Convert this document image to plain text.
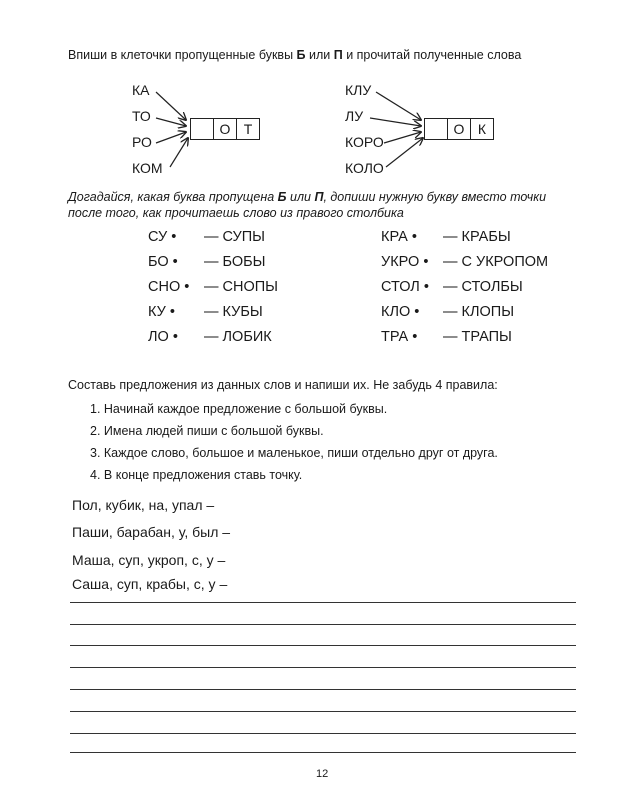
Впиши в клеточки пропущенные буквы Б или П и прочитай полученные слова
КА
ТО
РО
КОМ
О Т
КЛУ
ЛУ
КОРО
КОЛО
О К
Догадайся, какая буква пропущена Б или П, допиши нужную букву вместо точки
после того, как прочитаешь слово из правого столбика
СУ • — СУПЫ
БО • — БОБЫ
СНО • — СНОПЫ
КУ • — КУБЫ
ЛО • — ЛОБИК
КРА • — КРАБЫ
УКРО • — С УКРОПОМ
СТОЛ • — СТОЛБЫ
КЛО • — КЛОПЫ
ТРА • — ТРАПЫ
Составь предложения из данных слов и напиши их. Не забудь 4 правила:
1. Начинай каждое предложение с большой буквы.
2. Имена людей пиши с большой буквы.
3. Каждое слово, большое и маленькое, пиши отдельно друг от друга.
4. В конце предложения ставь точку.
Пол, кубик, на, упал –
Паши, барабан, у, был –
Маша, суп, укроп, с, у –
Саша, суп, крабы, с, у –
12
